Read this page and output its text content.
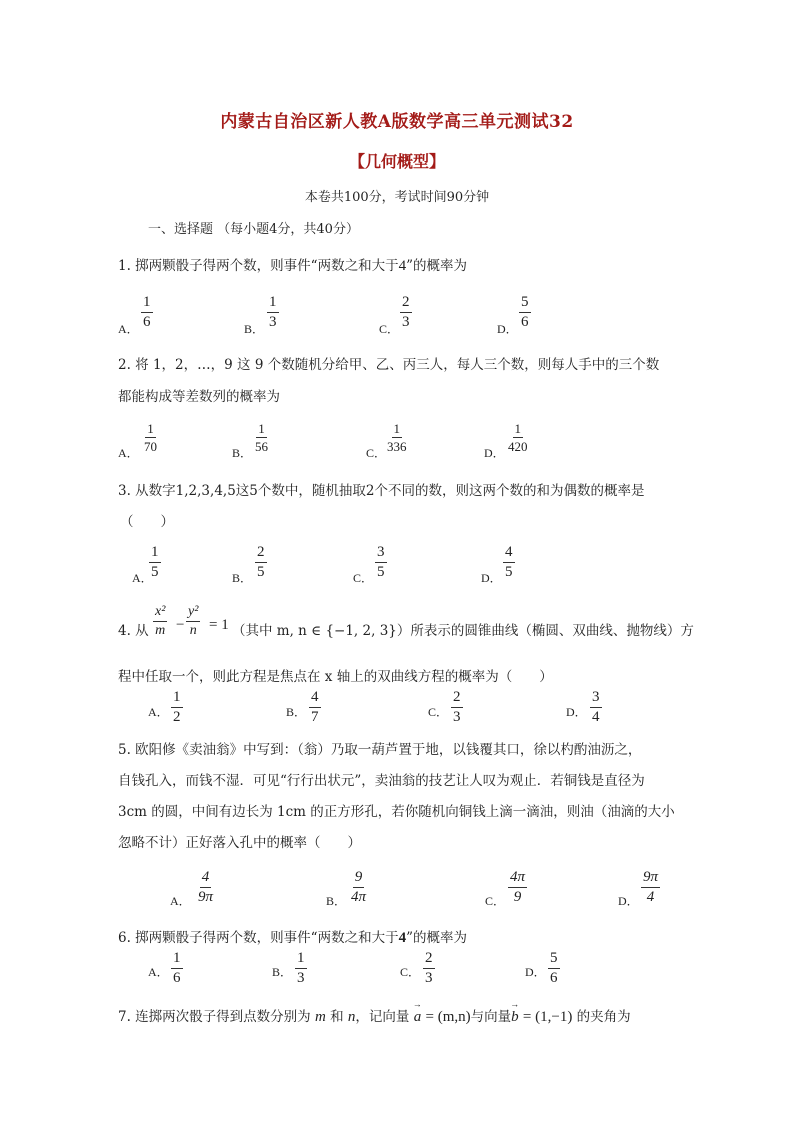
内蒙古自治区新人教A版数学高三单元测试32
【几何概型】
本卷共100分，考试时间90分钟
一、选择题 （每小题4分，共40分）
1. 掷两颗骰子得两个数，则事件“两数之和大于4”的概率为
A． $\frac{1}{6}$	B． $\frac{1}{3}$	C． $\frac{2}{3}$	D． $\frac{5}{6}$
2. 将 1，2，…，9 这 9 个数随机分给甲、乙、丙三人，每人三个数，则每人手中的三个数
都能构成等差数列的概率为
A． $\frac{1}{70}$	B． $\frac{1}{56}$	C．
$\frac{1}{336}$	D． $\frac{1}{420}$
3. 从数字1,2,3,4,5这5个数中，随机抽取2个不同的数，则这两个数的和为偶数的概率是
（　　）
A．
$\frac{1}{5}$	B． $\frac{2}{5}$	C． $\frac{3}{5}$	D． $\frac{4}{5}$
4. 从 $\frac{\text{x²}}{m} - \frac{\text{y²}}{n} = 1$ （其中 m, n ∈ {−1, 2, 3}）所表示的圆锥曲线（椭圆、双曲线、抛物线）方
程中任取一个，则此方程是焦点在 x 轴上的双曲线方程的概率为（　　）
A． $\frac{1}{2}$	B． $\frac{4}{7}$	C． $\frac{2}{3}$	D． $\frac{3}{4}$
5. 欧阳修《卖油翁》中写到：（翁）乃取一葫芦置于地，以钱覆其口，徐以杓酌油沥之，
自钱孔入，而钱不湿．可见“行行出状元”，卖油翁的技艺让人叹为观止．若铜钱是直径为
3cm 的圆，中间有边长为 1cm 的正方形孔，若你随机向铜钱上滴一滴油，则油（油滴的大小
忽略不计）正好落入孔中的概率（　　）
A． $\frac{4}{9\pi}$	B． $\frac{9}{4\pi}$	C． $\frac{4\pi}{9}$	D． $\frac{9\pi}{4}$
6. 掷两颗骰子得两个数，则事件“两数之和大于4”的概率为
A． $\frac{1}{6}$	B． $\frac{1}{3}$	C． $\frac{2}{3}$	D． $\frac{5}{6}$
7. 连掷两次骰子得到点数分别为 m 和 n，记向量 → a = (m,n)与向量→ b = (1,−1) 的夹角为
